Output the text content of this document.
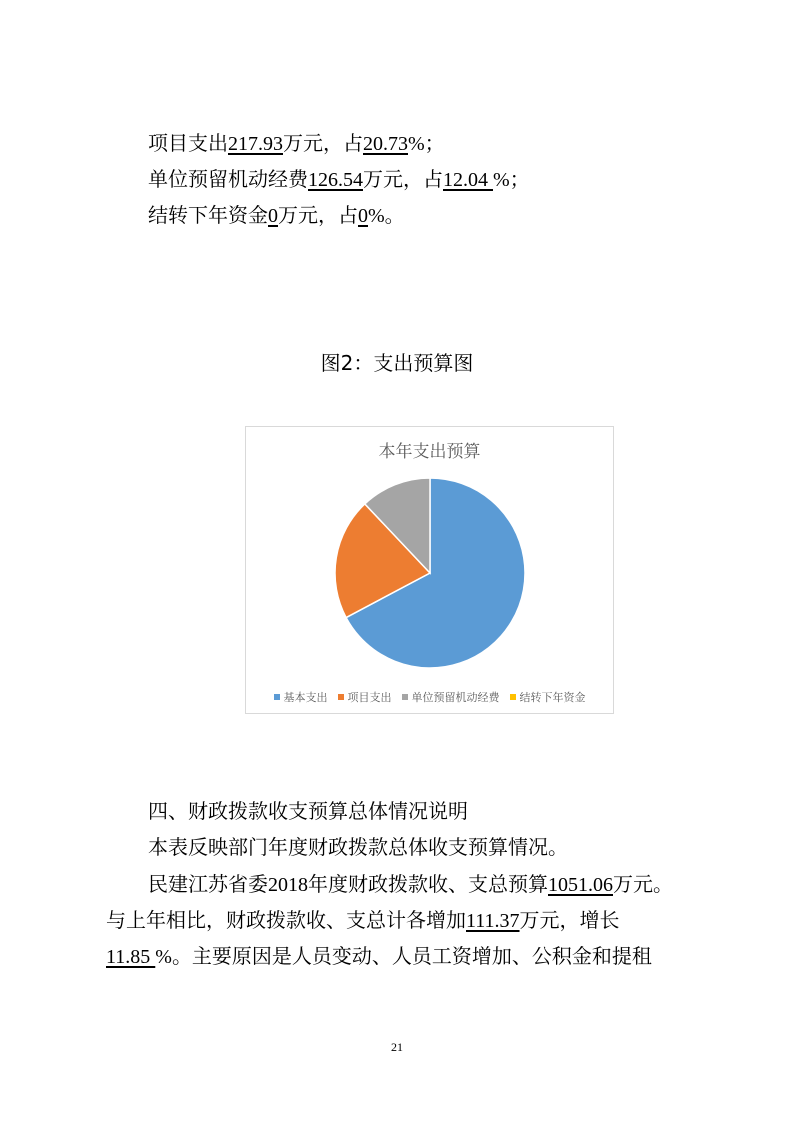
项目支出217.93万元，占20.73%；
单位预留机动经费126.54万元，占12.04 %；
结转下年资金0万元，占0%。
图2：支出预算图
本年支出预算
基本支出 项目支出 单位预留机动经费 结转下年资金
四、财政拨款收支预算总体情况说明
本表反映部门年度财政拨款总体收支预算情况。
民建江苏省委2018年度财政拨款收、支总预算1051.06万元。
与上年相比，财政拨款收、支总计各增加111.37万元，增长
11.85 %。主要原因是人员变动、人员工资增加、公积金和提租
21
